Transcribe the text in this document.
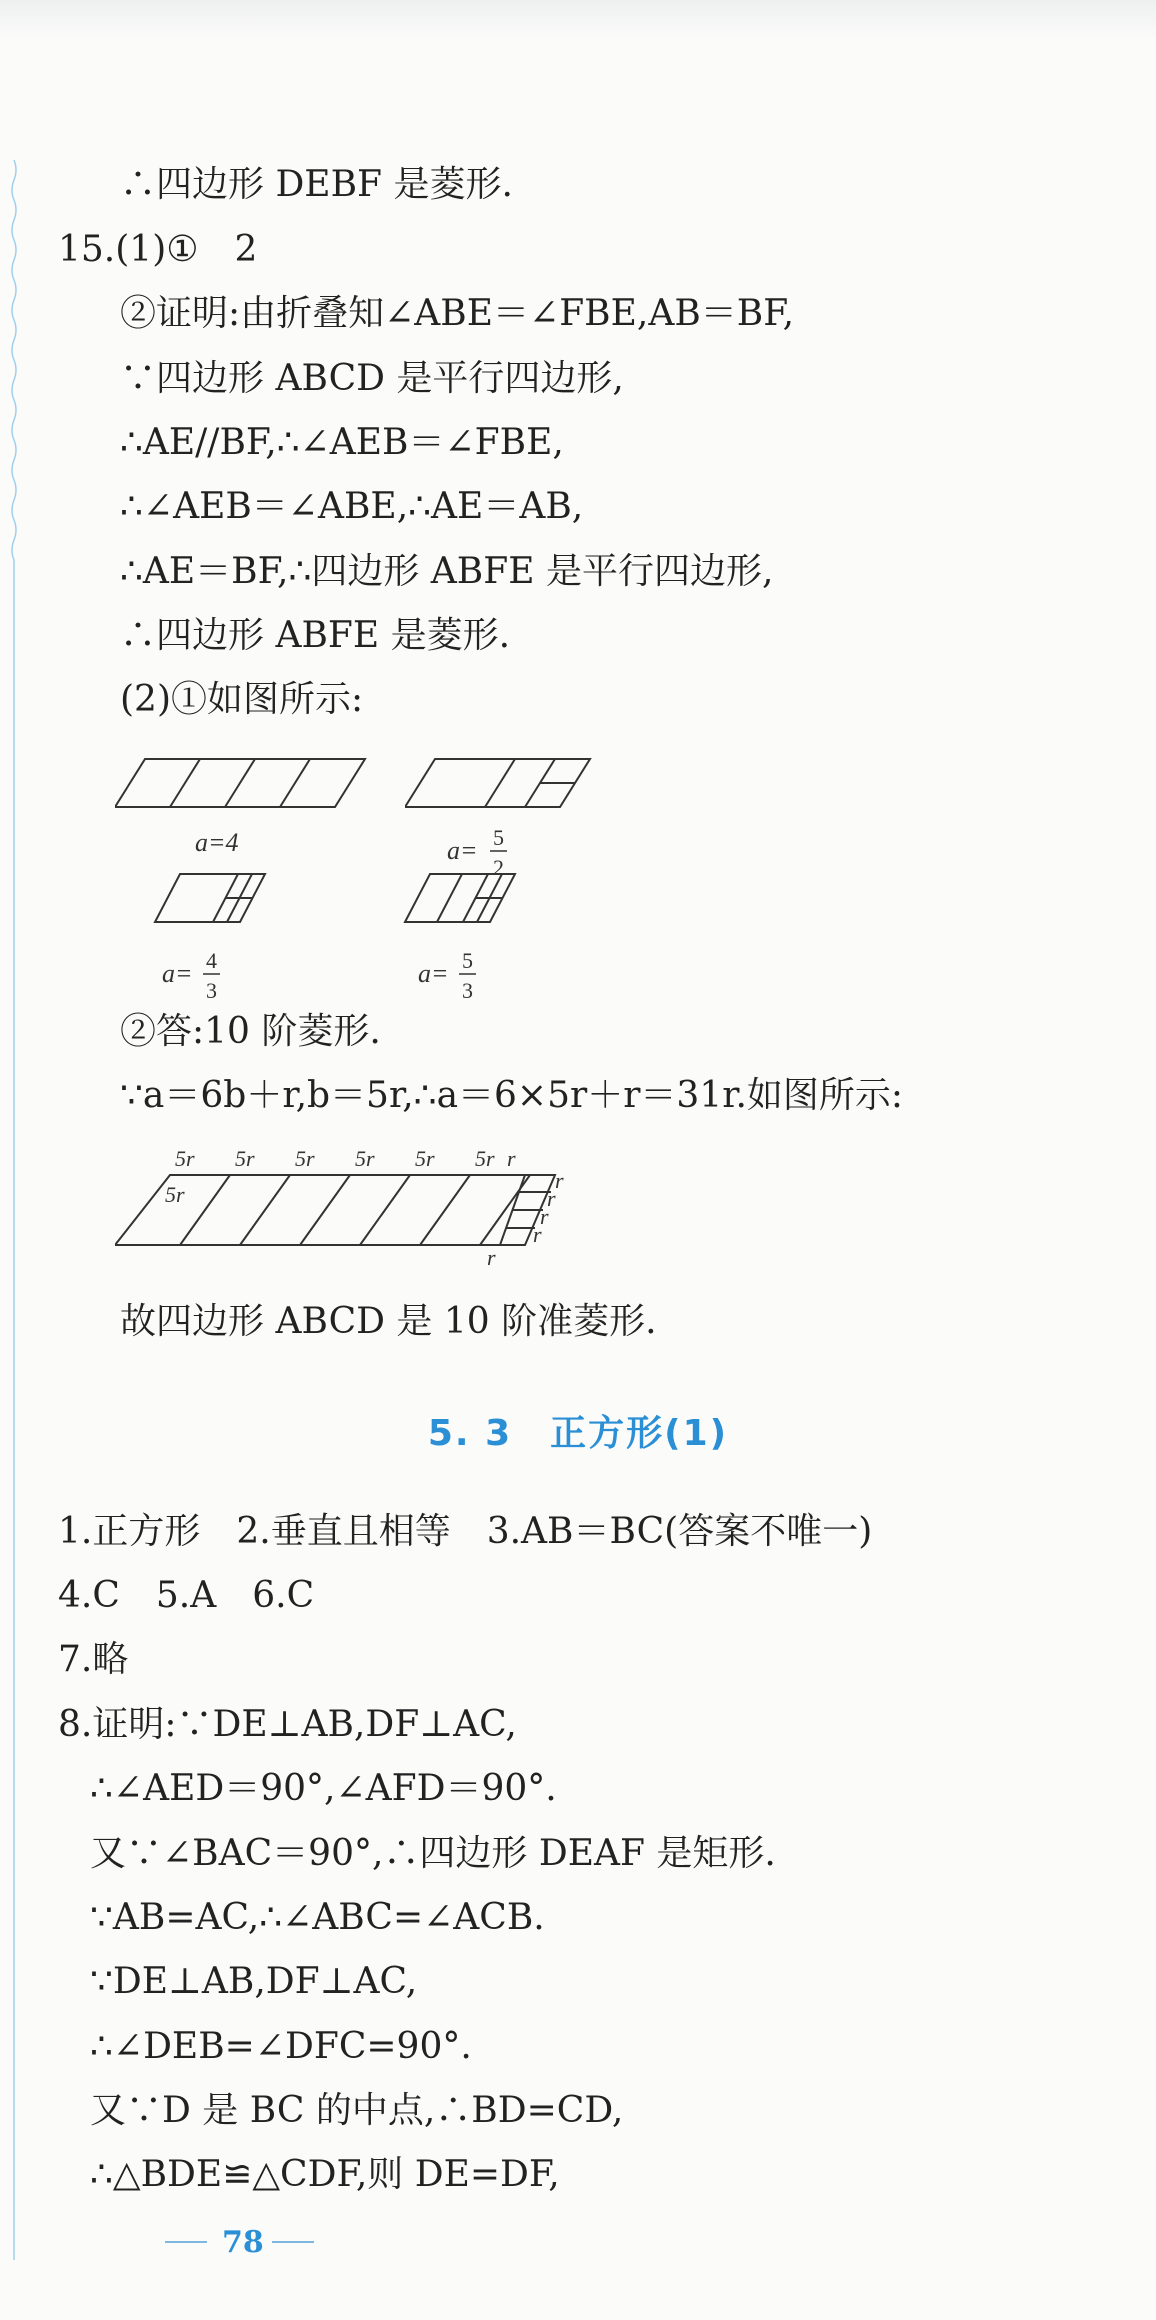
∴四边形 DEBF 是菱形.
15.(1)①　2
②证明:由折叠知∠ABE＝∠FBE,AB＝BF,
∵四边形 ABCD 是平行四边形,
∴AE//BF,∴∠AEB＝∠FBE,
∴∠AEB＝∠ABE,∴AE＝AB,
∴AE＝BF,∴四边形 ABFE 是平行四边形,
∴四边形 ABFE 是菱形.
(2)①如图所示:
a=4	a= 5
2
a= 4
3
a= 5
3
②答:10 阶菱形.
∵a＝6b＋r,b＝5r,∴a＝6×5r＋r＝31r.如图所示:
5r 5r 5r 5r 5r 5r
5r
r
r
r
r
r
r
故四边形 ABCD 是 10 阶准菱形.
5. 3　正方形(1)
1.正方形　2.垂直且相等　3.AB＝BC(答案不唯一)
4.C　5.A　6.C
7.略
8.证明:∵DE⊥AB,DF⊥AC,
∴∠AED＝90°,∠AFD＝90°.
又∵∠BAC＝90°,∴四边形 DEAF 是矩形.
∵AB=AC,∴∠ABC=∠ACB.
∵DE⊥AB,DF⊥AC,
∴∠DEB=∠DFC=90°.
又∵D 是 BC 的中点,∴BD=CD,
∴△BDE≌△CDF,则 DE=DF,
78
